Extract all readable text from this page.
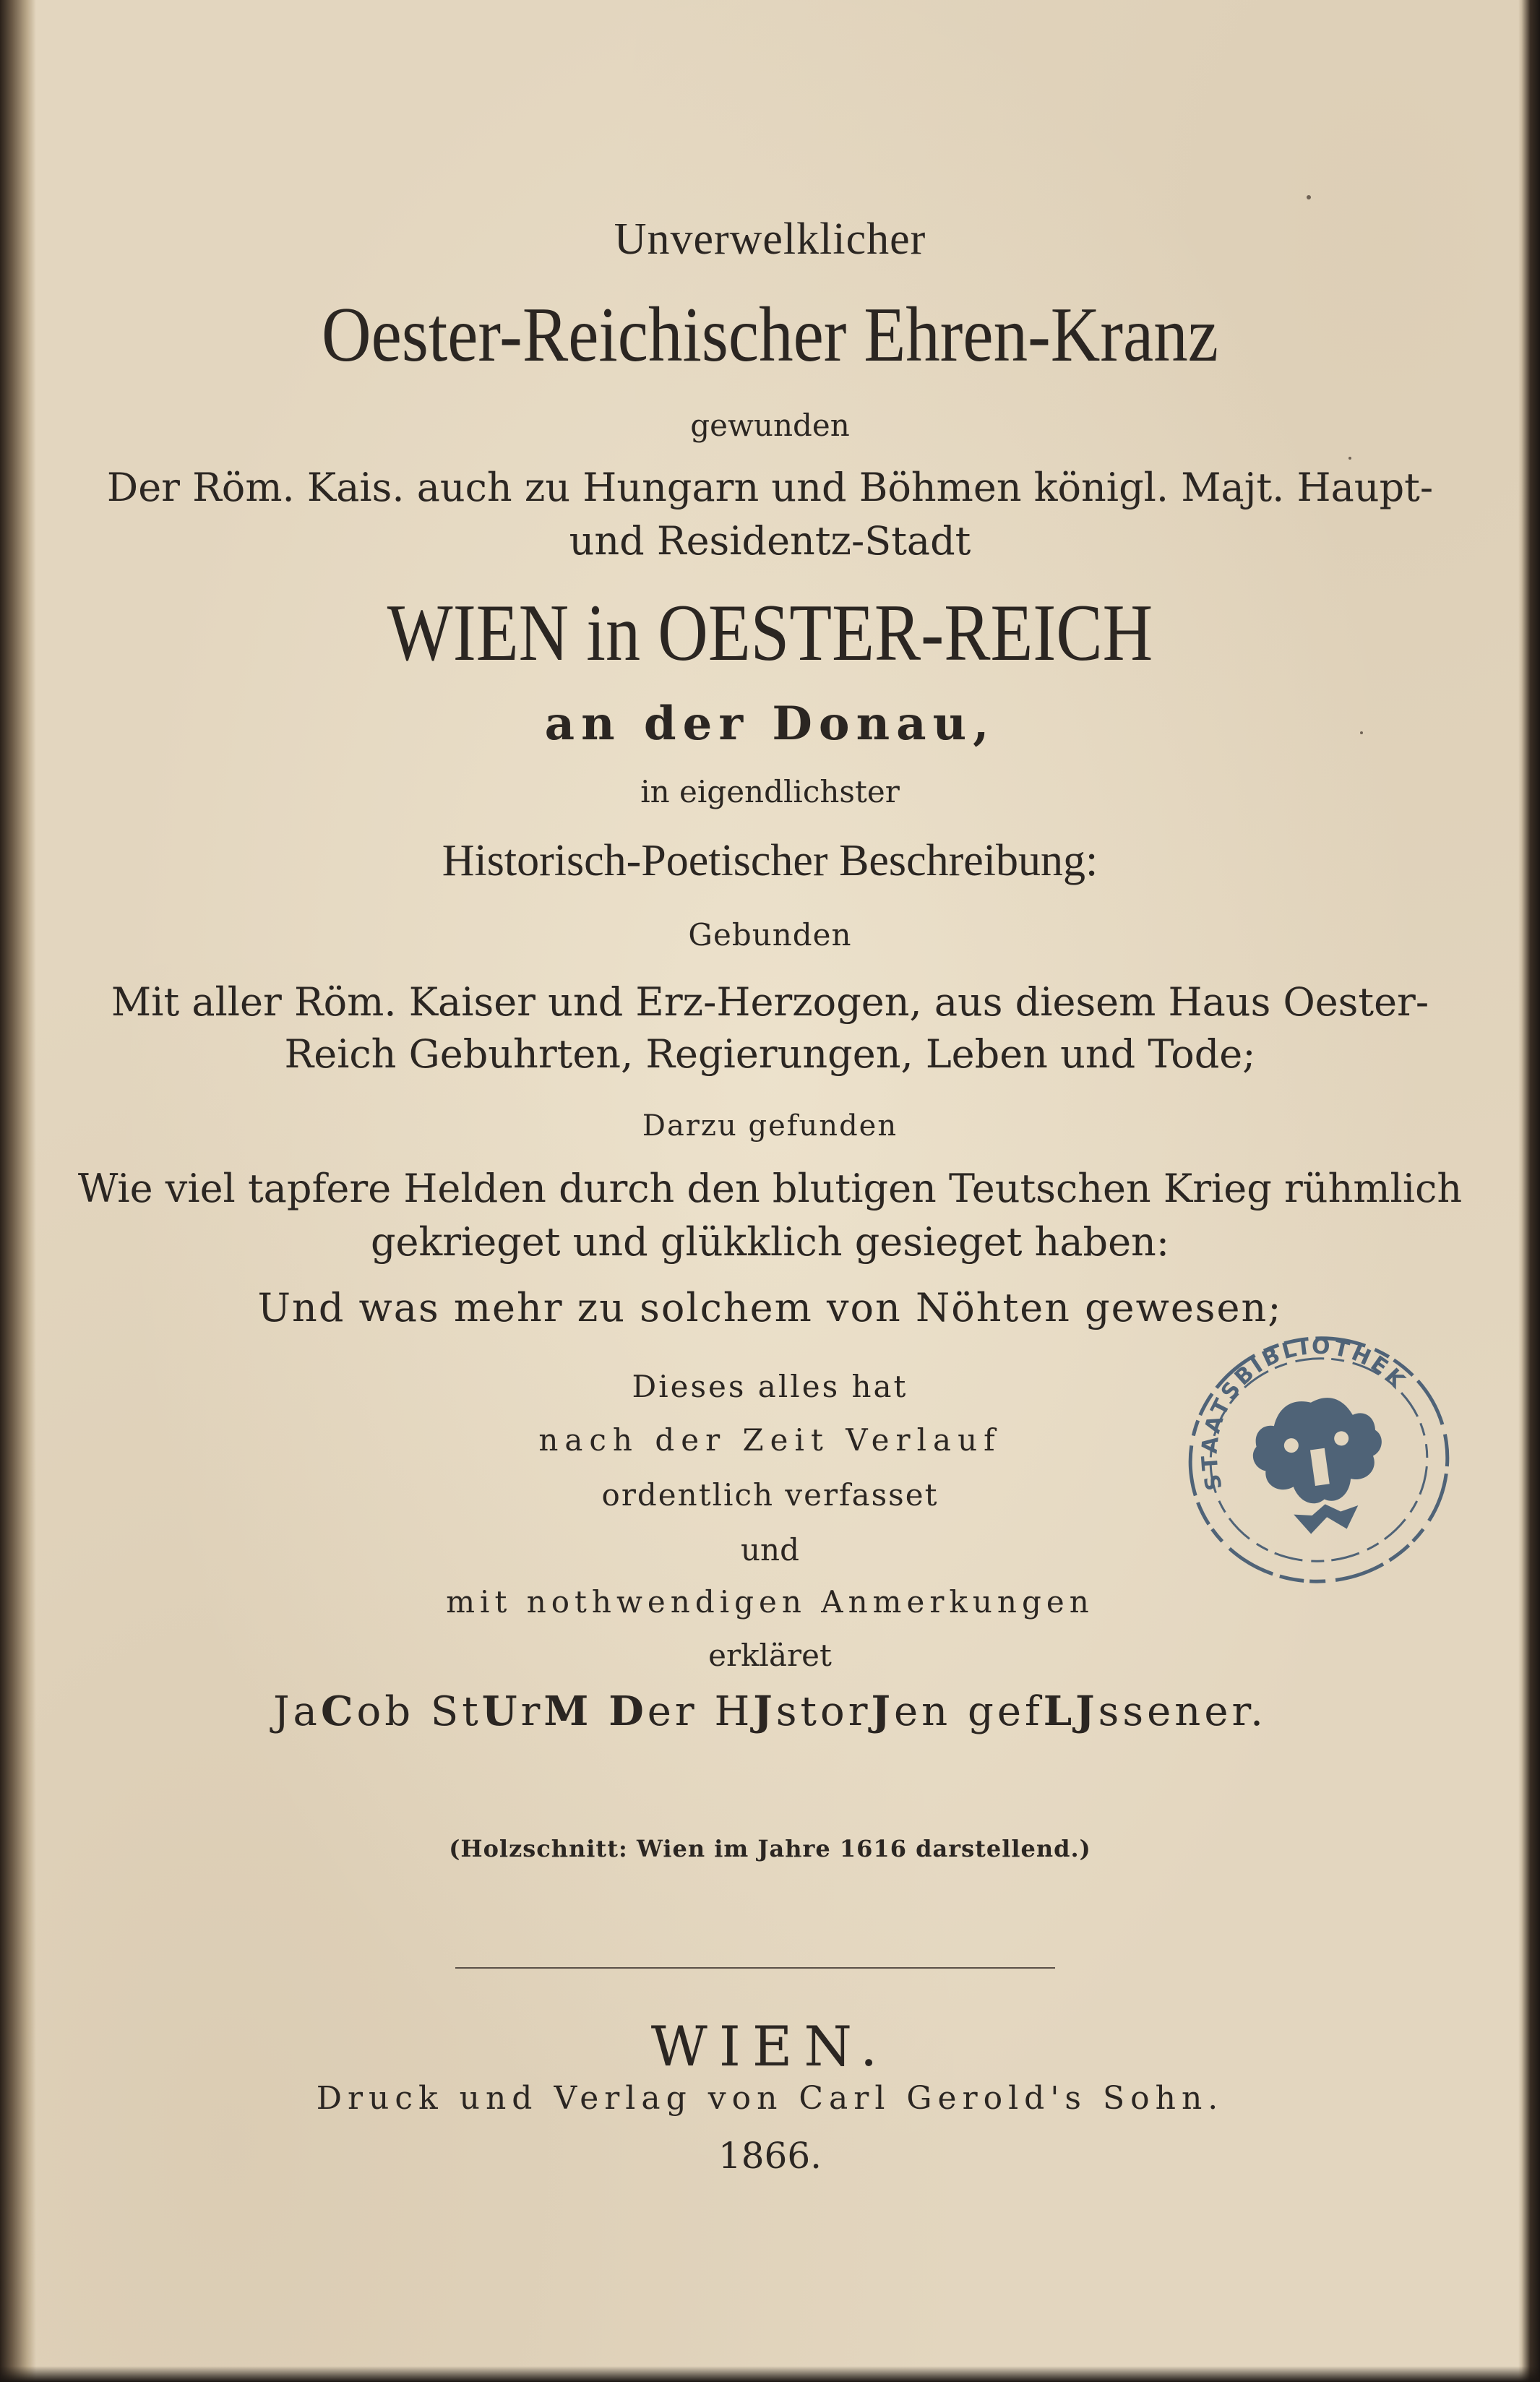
Unverwelklicher

Oester-Reichischer Ehren-Kranz

gewunden

Der Röm. Kais. auch zu Hungarn und Böhmen königl. Majt. Haupt-

und Residentz-Stadt

WIEN in OESTER-REICH

an der Donau,

in eigendlichster

Historisch-Poetischer Beschreibung:

Gebunden

Mit aller Röm. Kaiser und Erz-Herzogen, aus diesem Haus Oester-

Reich Gebuhrten, Regierungen, Leben und Tode;

Darzu gefunden

Wie viel tapfere Helden durch den blutigen Teutschen Krieg rühmlich

gekrieget und glükklich gesieget haben:

Und was mehr zu solchem von Nöhten gewesen;

Dieses alles hat

nach der Zeit Verlauf

ordentlich verfasset

und

mit nothwendigen Anmerkungen

erkläret

JaCob StUrM Der HJstorJen gefLJssener.

(Holzschnitt: Wien im Jahre 1616 darstellend.)

WIEN.

Druck und Verlag von Carl Gerold's Sohn.

1866.

STAATSBIBLIOTHEK
